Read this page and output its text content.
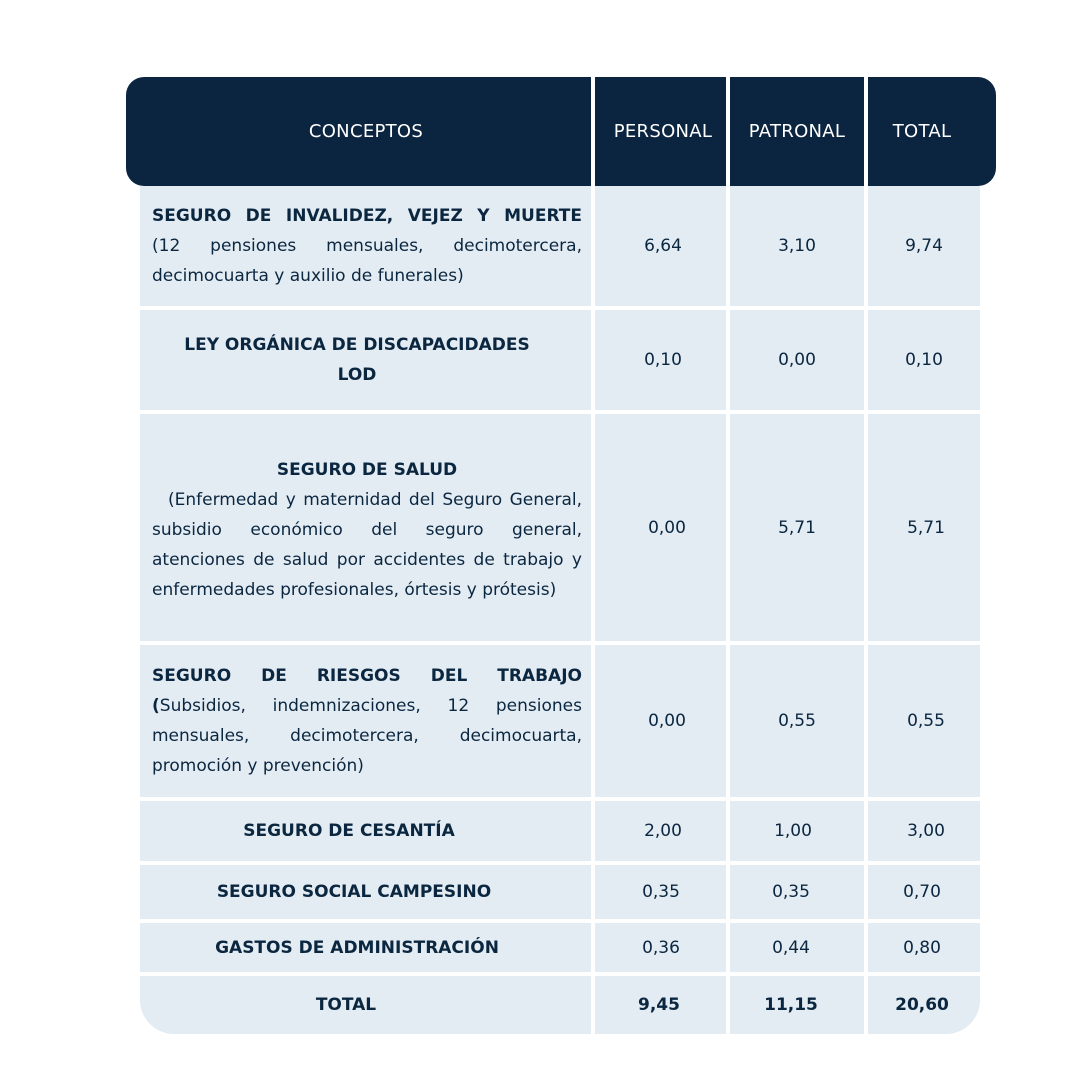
CONCEPTOS	PERSONAL	PATRONAL	TOTAL
SEGURO DE INVALIDEZ, VEJEZ Y MUERTE
(12 pensiones mensuales, decimotercera, decimocuarta y auxilio de funerales)
6,64	3,10	9,74
LEY ORGÁNICA DE DISCAPACIDADES
LOD
0,10	0,00	0,10
SEGURO DE SALUD
(Enfermedad y maternidad del Seguro General, subsidio económico del seguro general, atenciones de salud por accidentes de trabajo y enfermedades profesionales, órtesis y prótesis)
0,00	5,71	5,71
SEGURO DE RIESGOS DEL TRABAJO
(Subsidios, indemnizaciones, 12 pensiones mensuales, decimotercera, decimocuarta, promoción y prevención)
0,00	0,55	0,55
SEGURO DE CESANTÍA	2,00	1,00	3,00
SEGURO SOCIAL CAMPESINO	0,35	0,35	0,70
GASTOS DE ADMINISTRACIÓN	0,36	0,44	0,80
TOTAL	9,45	11,15	20,60
